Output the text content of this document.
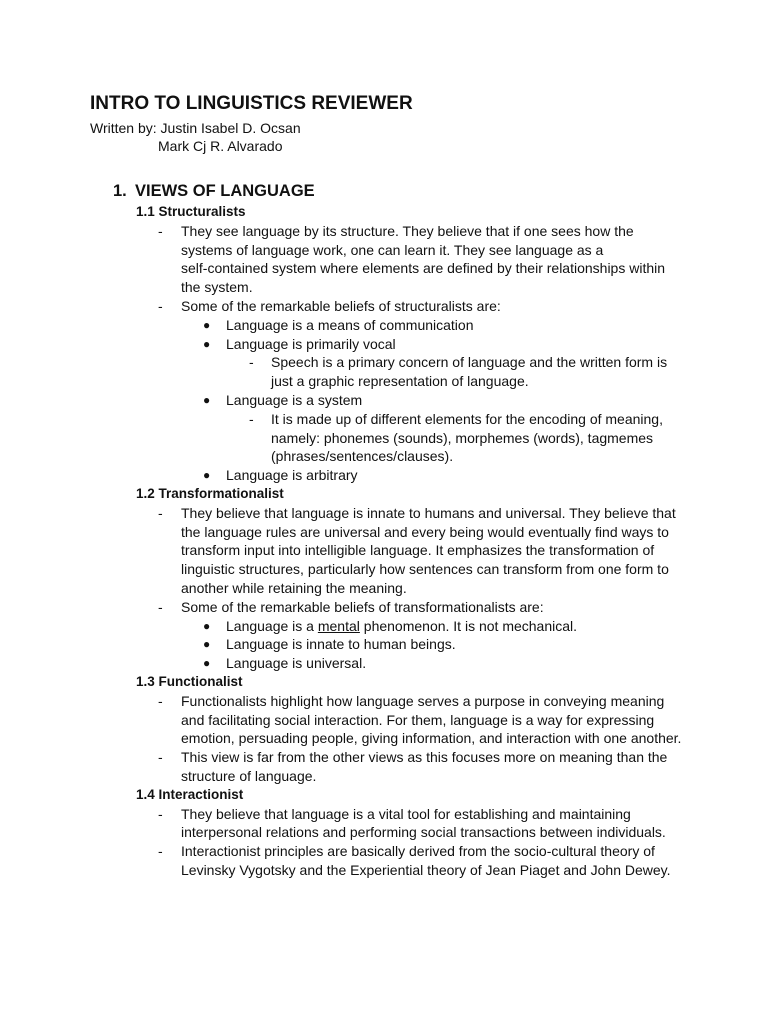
INTRO TO LINGUISTICS REVIEWER
Written by: Justin Isabel D. Ocsan
Mark Cj R. Alvarado
1. VIEWS OF LANGUAGE
1.1 Structuralists
- They see language by its structure. They believe that if one sees how the
systems of language work, one can learn it. They see language as a
self-contained system where elements are defined by their relationships within
the system.
- Some of the remarkable beliefs of structuralists are:
● Language is a means of communication
● Language is primarily vocal
- Speech is a primary concern of language and the written form is
just a graphic representation of language.
● Language is a system
- It is made up of different elements for the encoding of meaning,
namely: phonemes (sounds), morphemes (words), tagmemes
(phrases/sentences/clauses).
● Language is arbitrary
1.2 Transformationalist
- They believe that language is innate to humans and universal. They believe that
the language rules are universal and every being would eventually find ways to
transform input into intelligible language. It emphasizes the transformation of
linguistic structures, particularly how sentences can transform from one form to
another while retaining the meaning.
- Some of the remarkable beliefs of transformationalists are:
● Language is a mental phenomenon. It is not mechanical.
● Language is innate to human beings.
● Language is universal.
1.3 Functionalist
- Functionalists highlight how language serves a purpose in conveying meaning
and facilitating social interaction. For them, language is a way for expressing
emotion, persuading people, giving information, and interaction with one another.
- This view is far from the other views as this focuses more on meaning than the
structure of language.
1.4 Interactionist
- They believe that language is a vital tool for establishing and maintaining
interpersonal relations and performing social transactions between individuals.
- Interactionist principles are basically derived from the socio-cultural theory of
Levinsky Vygotsky and the Experiential theory of Jean Piaget and John Dewey.
